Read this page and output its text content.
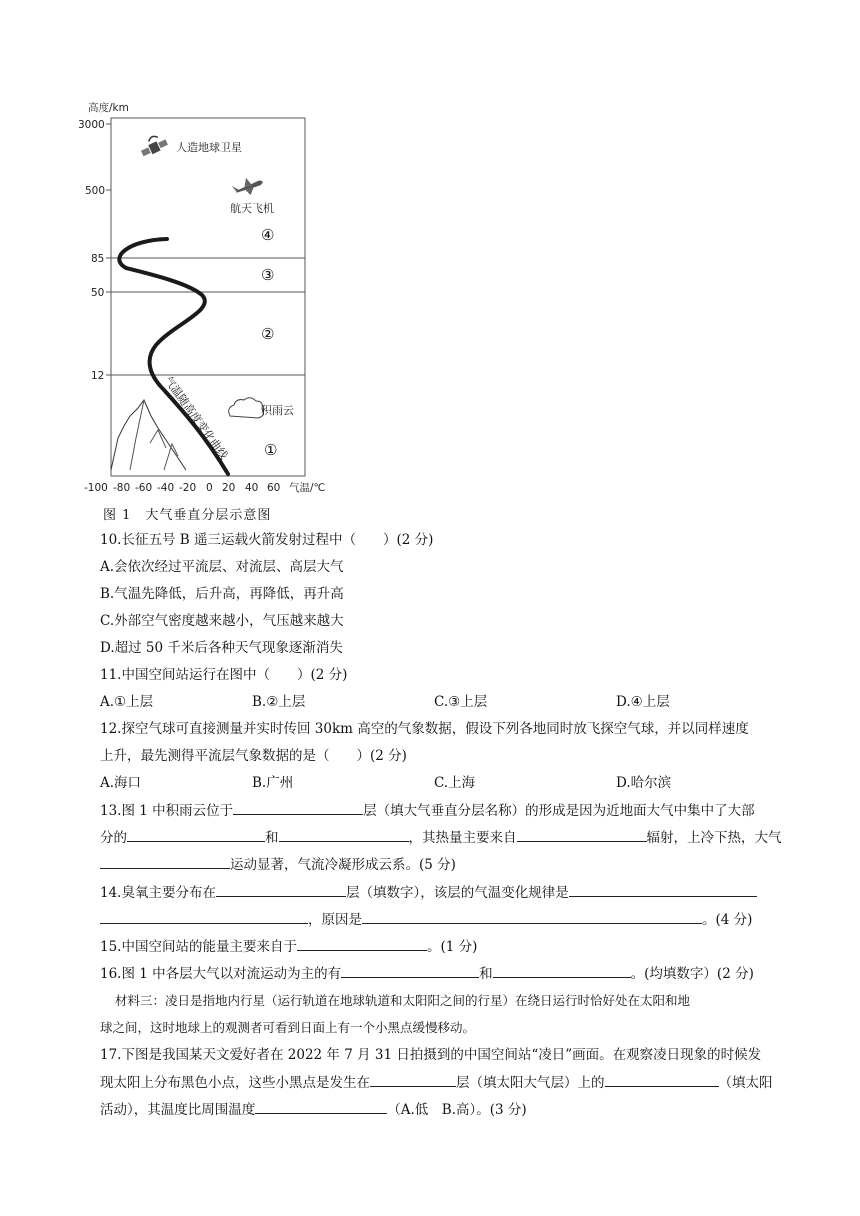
高度/km
3000
500
85
50
12
人造地球卫星
航天飞机
气温随高度变化曲线	积雨云
①
②
③
④
-100 -80 -60 -40 -20 0 20 40 60 气温/℃
图 1　大气垂直分层示意图
10.长征五号 B 遥三运载火箭发射过程中（　　）(2 分)
A.会依次经过平流层、对流层、高层大气
B.气温先降低，后升高，再降低，再升高
C.外部空气密度越来越小，气压越来越大
D.超过 50 千米后各种天气现象逐渐消失
11.中国空间站运行在图中（　　）(2 分)
A.①上层	B.②上层	C.③上层	D.④上层
12.探空气球可直接测量并实时传回 30km 高空的气象数据，假设下列各地同时放飞探空气球，并以同样速度
上升，最先测得平流层气象数据的是（　　）(2 分)
A.海口	B.广州	C.上海	D.哈尔滨
13.图 1 中积雨云位于	层（填大气垂直分层名称）的形成是因为近地面大气中集中了大部
分的	和	，其热量主要来自	辐射，上冷下热，大气
运动显著，气流冷凝形成云系。(5 分)
14.臭氧主要分布在	层（填数字），该层的气温变化规律是
，原因是	。(4 分)
15.中国空间站的能量主要来自于	。(1 分)
16.图 1 中各层大气以对流运动为主的有	和	。(均填数字）(2 分)
材料三：凌日是指地内行星（运行轨道在地球轨道和太阳阳之间的行星）在绕日运行时恰好处在太阳和地
球之间，这时地球上的观测者可看到日面上有一个小黑点缓慢移动。
17.下图是我国某天文爱好者在 2022 年 7 月 31 日拍摄到的中国空间站“凌日”画面。在观察凌日现象的时候发
现太阳上分布黑色小点，这些小黑点是发生在	层（填太阳大气层）上的	（填太阳
活动），其温度比周围温度	（A.低　B.高）。(3 分)
